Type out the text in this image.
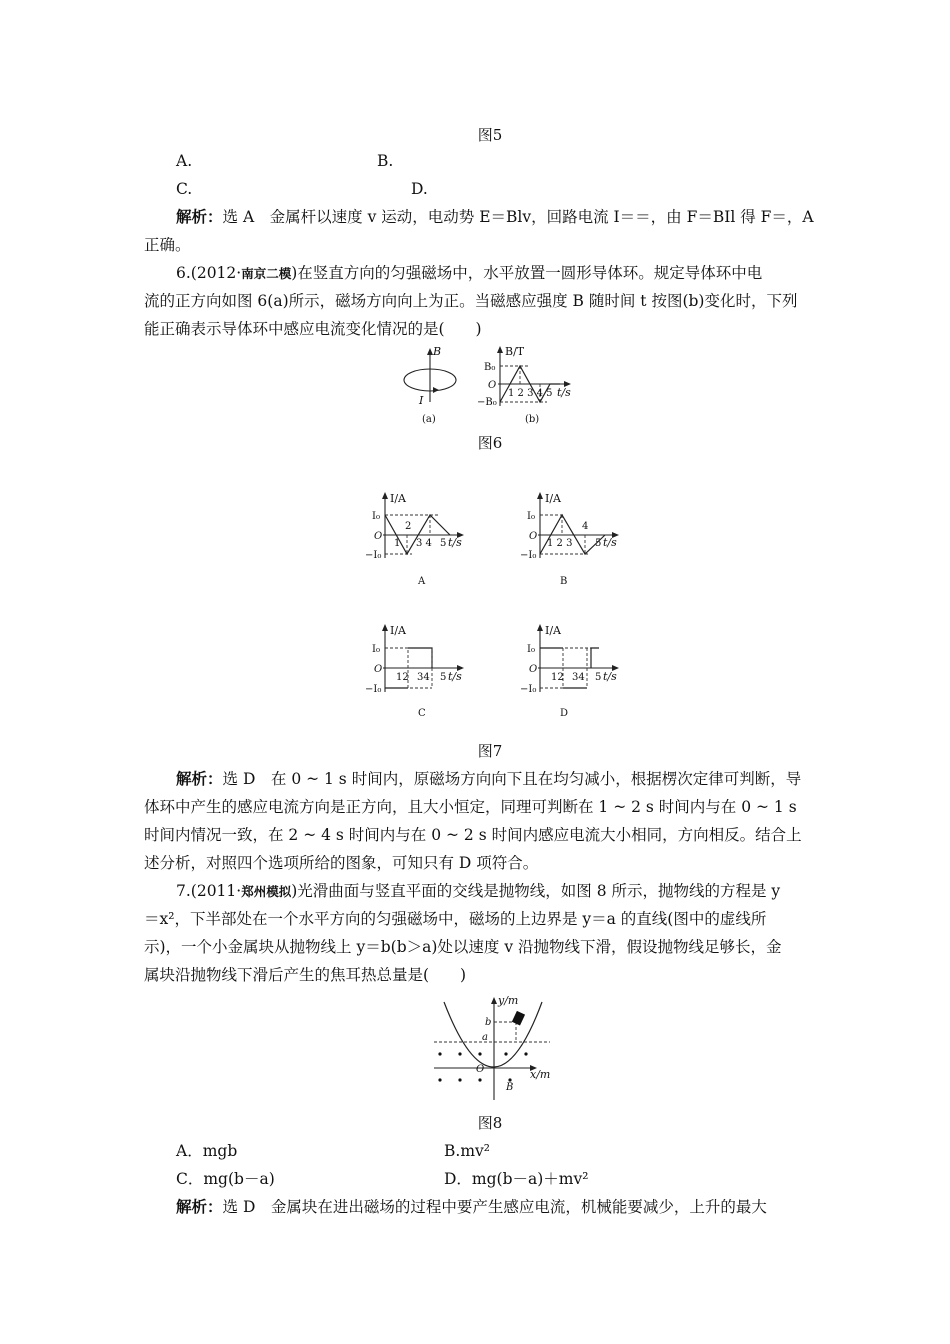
图5
A.	B.
C.	D.
解析：选 A　 金属杆以速度 v 运动，电动势 E＝Blv，回路电流 I＝＝，由 F＝BIl 得 F＝，A
正确。
6.(2012·南京二模)在竖直方向的匀强磁场中，水平放置一圆形导体环。规定导体环中电
流的正方向如图 6(a)所示，磁场方向向上为正。当磁感应强度 B 随时间 t 按图(b)变化时，下列
能正确表示导体环中感应电流变化情况的是(　　)
B
I
(a)
B/T
B₀
O
−B₀
1 2 3 4 5 t/s
(b)
图6
I/A
I₀
O
−I₀
1
2
3 4 5 t/s
A
I/A
I₀
O
−I₀
1 2 3
4
5 t/s
B
I/A
I₀
O
−I₀
12 34 5 t/s
C
I/A
I₀
O
−I₀
12 34 5 t/s
D
图7
解析：选 D　 在 0 ~ 1 s 时间内，原磁场方向向下且在均匀减小，根据楞次定律可判断，导
体环中产生的感应电流方向是正方向，且大小恒定，同理可判断在 1 ~ 2 s 时间内与在 0 ~ 1 s
时间内情况一致，在 2 ~ 4 s 时间内与在 0 ~ 2 s 时间内感应电流大小相同，方向相反。结合上
述分析，对照四个选项所给的图象，可知只有 D 项符合。
7.(2011·郑州模拟)光滑曲面与竖直平面的交线是抛物线，如图 8 所示，抛物线的方程是 y
＝x²，下半部处在一个水平方向的匀强磁场中，磁场的上边界是 y＝a 的直线(图中的虚线所
示)，一个小金属块从抛物线上 y＝b(b＞a)处以速度 v 沿抛物线下滑，假设抛物线足够长，金
属块沿抛物线下滑后产生的焦耳热总量是(　　)
y/m
b
a
O	x/m
B
图8
A．mgb	B.mv²
C．mg(b－a)	D．mg(b－a)＋mv²
解析：选 D　 金属块在进出磁场的过程中要产生感应电流，机械能要减少，上升的最大
